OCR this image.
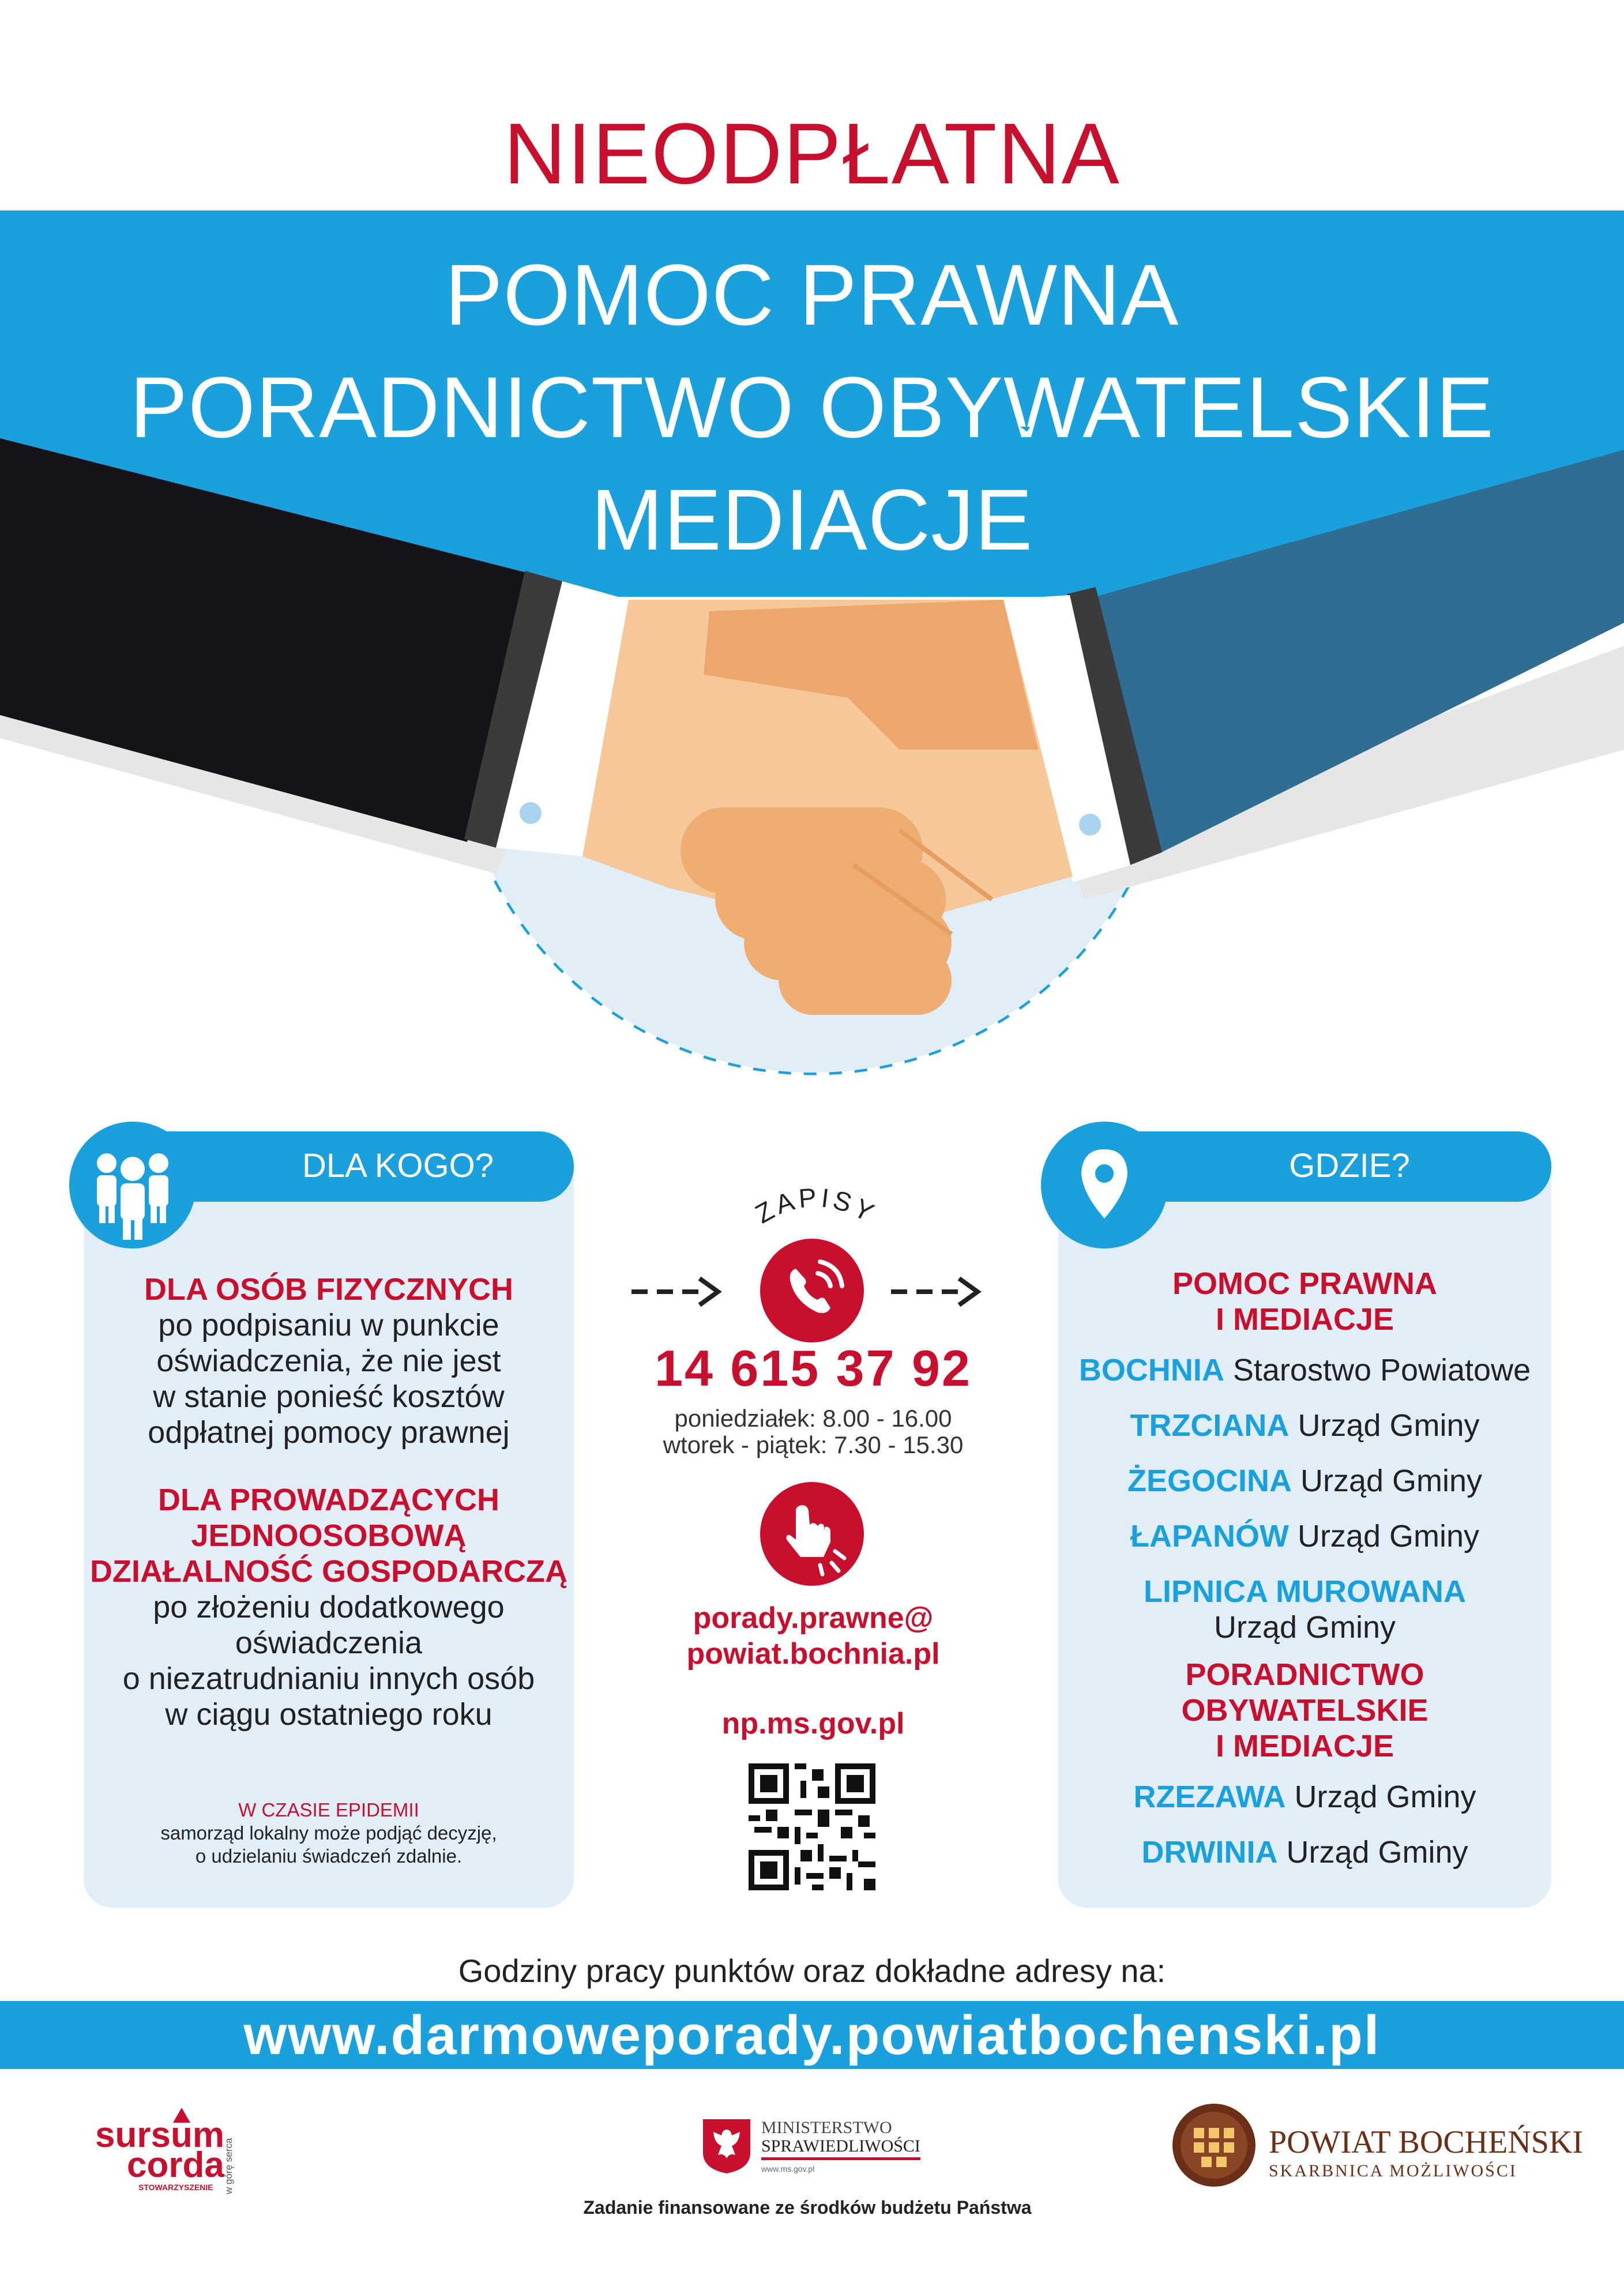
NIEODPŁATNA
POMOC PRAWNA
PORADNICTWO OBYWATELSKIE
MEDIACJE
DLA KOGO?
DLA OSÓB FIZYCZNYCH
po podpisaniu w punkcie
oświadczenia, że nie jest
w stanie ponieść kosztów
odpłatnej pomocy prawnej
DLA PROWADZĄCYCH
JEDNOOSOBOWĄ
DZIAŁALNOŚĆ GOSPODARCZĄ
po złożeniu dodatkowego
oświadczenia
o niezatrudnianiu innych osób
w ciągu ostatniego roku
W CZASIE EPIDEMII
samorząd lokalny może podjąć decyzję,
o udzielaniu świadczeń zdalnie.
ZAPISY
14 615 37 92
poniedziałek: 8.00 - 16.00
wtorek - piątek: 7.30 - 15.30
porady.prawne@
powiat.bochnia.pl
np.ms.gov.pl
GDZIE?
POMOC PRAWNA
I MEDIACJE
BOCHNIA Starostwo Powiatowe
TRZCIANA Urząd Gminy
ŻEGOCINA Urząd Gminy
ŁAPANÓW Urząd Gminy
LIPNICA MUROWANA
Urząd Gminy
PORADNICTWO
OBYWATELSKIE
I MEDIACJE
RZEZAWA Urząd Gminy
DRWINIA Urząd Gminy
Godziny pracy punktów oraz dokładne adresy na:
www.darmoweporady.powiatbochenski.pl
sursum
corda
STOWARZYSZENIE w górę serca
MINISTERSTWO
SPRAWIEDLIWOŚCI
www.ms.gov.pl
Zadanie finansowane ze środków budżetu Państwa
POWIAT BOCHEŃSKI
SKARBNICA MOŻLIWOŚCI
